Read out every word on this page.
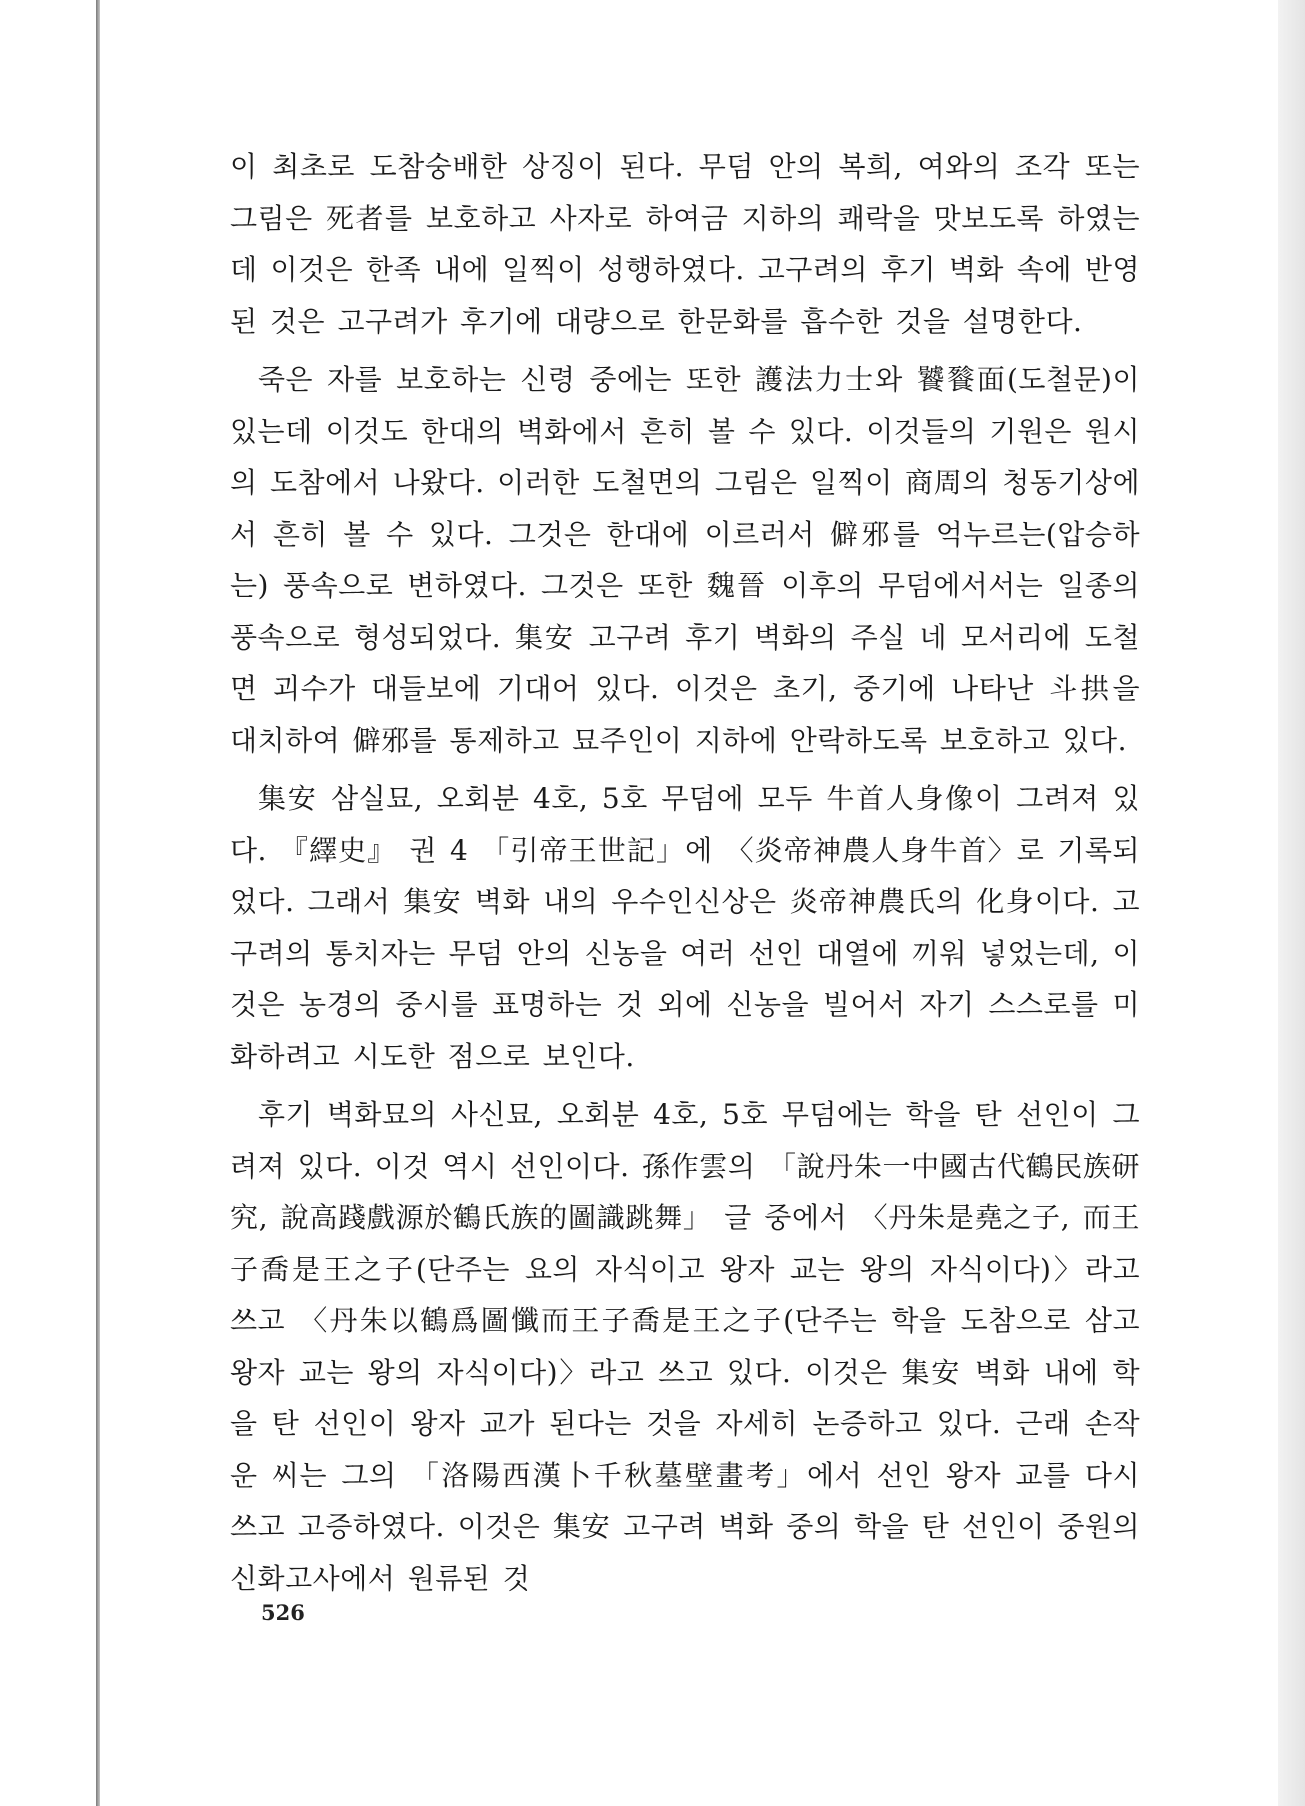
이 최초로 도참숭배한 상징이 된다. 무덤 안의 복희, 여와의 조각 또는 그림은 死者를 보호하고 사자로 하여금 지하의 쾌락을 맛보도록 하였는데 이것은 한족 내에 일찍이 성행하였다. 고구려의 후기 벽화 속에 반영된 것은 고구려가 후기에 대량으로 한문화를 흡수한 것을 설명한다.

죽은 자를 보호하는 신령 중에는 또한 護法力士와 饕餮面(도철문)이 있는데 이것도 한대의 벽화에서 흔히 볼 수 있다. 이것들의 기원은 원시의 도참에서 나왔다. 이러한 도철면의 그림은 일찍이 商周의 청동기상에서 흔히 볼 수 있다. 그것은 한대에 이르러서 僻邪를 억누르는(압승하는) 풍속으로 변하였다. 그것은 또한 魏晉 이후의 무덤에서서는 일종의 풍속으로 형성되었다. 集安 고구려 후기 벽화의 주실 네 모서리에 도철면 괴수가 대들보에 기대어 있다. 이것은 초기, 중기에 나타난 斗拱을 대치하여 僻邪를 통제하고 묘주인이 지하에 안락하도록 보호하고 있다.

集安 삼실묘, 오회분 4호, 5호 무덤에 모두 牛首人身像이 그려져 있다. 『繹史』 권 4 「引帝王世記」에 〈炎帝神農人身牛首〉로 기록되었다. 그래서 集安 벽화 내의 우수인신상은 炎帝神農氏의 化身이다. 고구려의 통치자는 무덤 안의 신농을 여러 선인 대열에 끼워 넣었는데, 이것은 농경의 중시를 표명하는 것 외에 신농을 빌어서 자기 스스로를 미화하려고 시도한 점으로 보인다.

후기 벽화묘의 사신묘, 오회분 4호, 5호 무덤에는 학을 탄 선인이 그려져 있다. 이것 역시 선인이다. 孫作雲의 「說丹朱一中國古代鶴民族研究, 說高踐戲源於鶴氏族的圖識跳舞」 글 중에서 〈丹朱是堯之子, 而王子喬是王之子(단주는 요의 자식이고 왕자 교는 왕의 자식이다)〉라고 쓰고 〈丹朱以鶴爲圖懺而王子喬是王之子(단주는 학을 도참으로 삼고 왕자 교는 왕의 자식이다)〉라고 쓰고 있다. 이것은 集安 벽화 내에 학을 탄 선인이 왕자 교가 된다는 것을 자세히 논증하고 있다. 근래 손작운 씨는 그의 「洛陽西漢卜千秋墓壁畫考」에서 선인 왕자 교를 다시 쓰고 고증하였다. 이것은 集安 고구려 벽화 중의 학을 탄 선인이 중원의 신화고사에서 원류된 것

526
